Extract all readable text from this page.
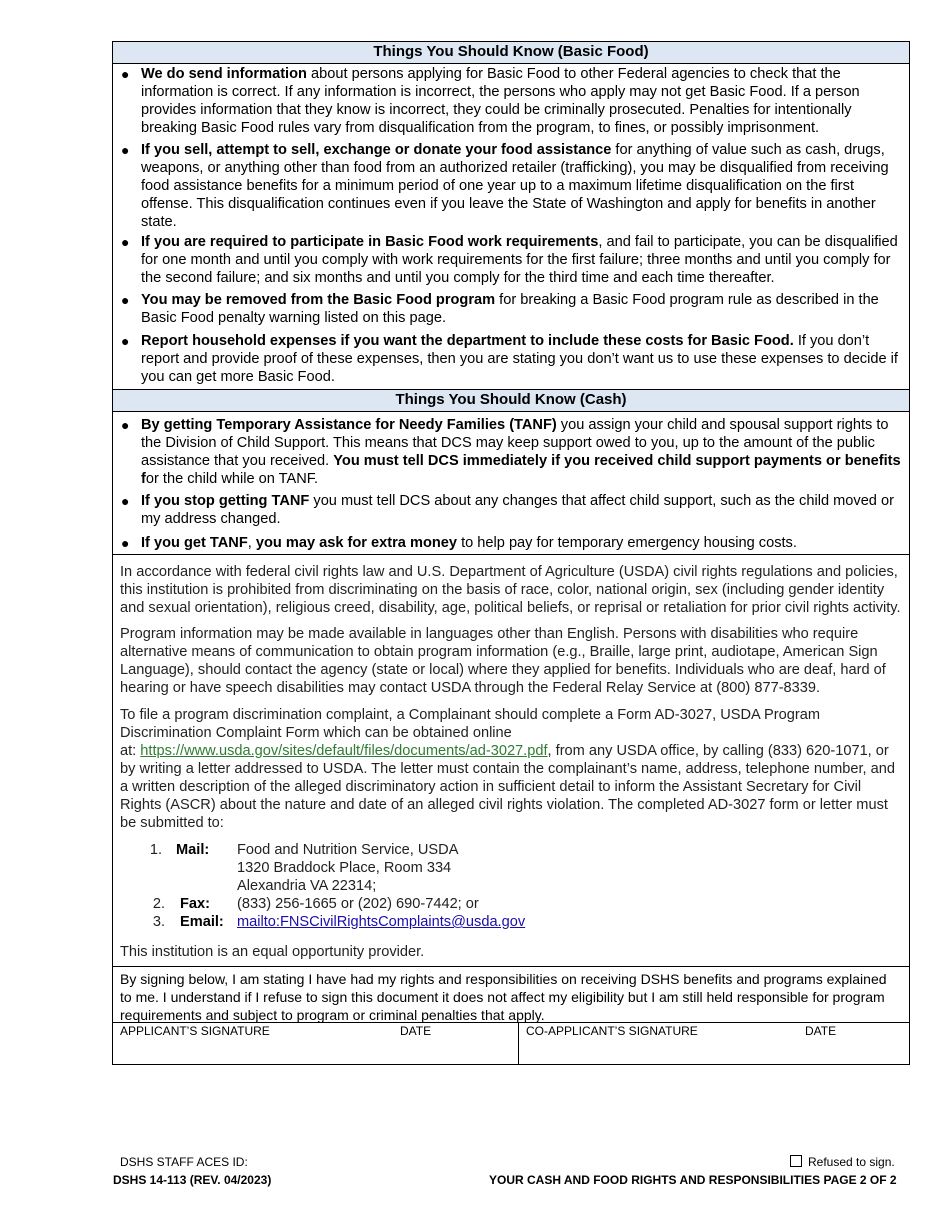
Things You Should Know (Basic Food)
● We do send information about persons applying for Basic Food to other Federal agencies to check that the information is correct. If any information is incorrect, the persons who apply may not get Basic Food. If a person provides information that they know is incorrect, they could be criminally prosecuted. Penalties for intentionally breaking Basic Food rules vary from disqualification from the program, to fines, or possibly imprisonment.
● If you sell, attempt to sell, exchange or donate your food assistance for anything of value such as cash, drugs, weapons, or anything other than food from an authorized retailer (trafficking), you may be disqualified from receiving food assistance benefits for a minimum period of one year up to a maximum lifetime disqualification on the first offense. This disqualification continues even if you leave the State of Washington and apply for benefits in another state.
● If you are required to participate in Basic Food work requirements, and fail to participate, you can be disqualified for one month and until you comply with work requirements for the first failure; three months and until you comply for the second failure; and six months and until you comply for the third time and each time thereafter.
● You may be removed from the Basic Food program for breaking a Basic Food program rule as described in the Basic Food penalty warning listed on this page.
● Report household expenses if you want the department to include these costs for Basic Food. If you don’t report and provide proof of these expenses, then you are stating you don’t want us to use these expenses to decide if you can get more Basic Food.
Things You Should Know (Cash)
● By getting Temporary Assistance for Needy Families (TANF) you assign your child and spousal support rights to the Division of Child Support. This means that DCS may keep support owed to you, up to the amount of the public assistance that you received. You must tell DCS immediately if you received child support payments or benefits for the child while on TANF.
● If you stop getting TANF you must tell DCS about any changes that affect child support, such as the child moved or my address changed.
● If you get TANF, you may ask for extra money to help pay for temporary emergency housing costs.

In accordance with federal civil rights law and U.S. Department of Agriculture (USDA) civil rights regulations and policies, this institution is prohibited from discriminating on the basis of race, color, national origin, sex (including gender identity and sexual orientation), religious creed, disability, age, political beliefs, or reprisal or retaliation for prior civil rights activity.

Program information may be made available in languages other than English. Persons with disabilities who require alternative means of communication to obtain program information (e.g., Braille, large print, audiotape, American Sign Language), should contact the agency (state or local) where they applied for benefits. Individuals who are deaf, hard of hearing or have speech disabilities may contact USDA through the Federal Relay Service at (800) 877-8339.

To file a program discrimination complaint, a Complainant should complete a Form AD-3027, USDA Program Discrimination Complaint Form which can be obtained online
at: https://www.usda.gov/sites/default/files/documents/ad-3027.pdf, from any USDA office, by calling (833) 620-1071, or by writing a letter addressed to USDA. The letter must contain the complainant’s name, address, telephone number, and a written description of the alleged discriminatory action in sufficient detail to inform the Assistant Secretary for Civil Rights (ASCR) about the nature and date of an alleged civil rights violation. The completed AD-3027 form or letter must be submitted to:

1. Mail: Food and Nutrition Service, USDA
1320 Braddock Place, Room 334
Alexandria VA 22314;
2. Fax: (833) 256-1665 or (202) 690-7442; or
3. Email: mailto:FNSCivilRightsComplaints@usda.gov

This institution is an equal opportunity provider.

By signing below, I am stating I have had my rights and responsibilities on receiving DSHS benefits and programs explained to me. I understand if I refuse to sign this document it does not affect my eligibility but I am still held responsible for program requirements and subject to program or criminal penalties that apply.
APPLICANT’S SIGNATURE	DATE	CO-APPLICANT’S SIGNATURE	DATE
DSHS STAFF ACES ID:	Refused to sign.
DSHS 14-113 (REV. 04/2023)	YOUR CASH AND FOOD RIGHTS AND RESPONSIBILITIES PAGE 2 OF 2
